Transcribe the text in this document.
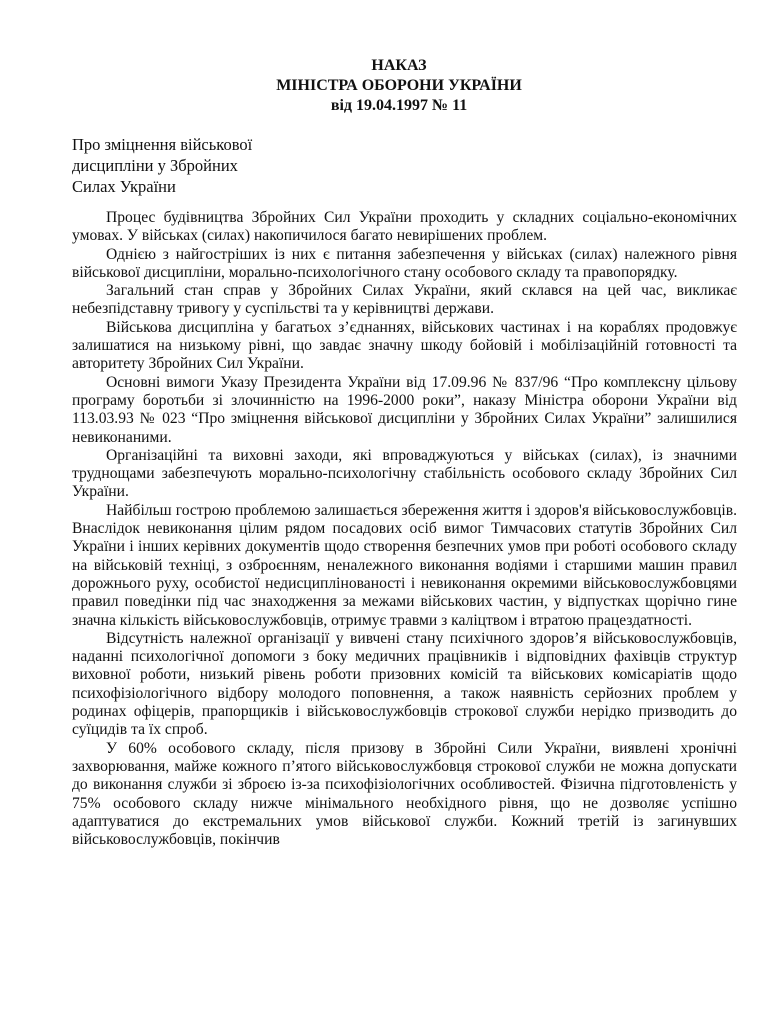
НАКАЗ
МІНІСТРА ОБОРОНИ УКРАЇНИ
від 19.04.1997 № 11
Про зміцнення військової
дисципліни у Збройних
Силах України

Процес будівництва Збройних Сил України проходить у складних соціально-економічних умовах. У військах (силах) накопичилося багато невирішених проблем.

Однією з найгостріших із них є питання забезпечення у військах (силах) належного рівня військової дисципліни, морально-психологічного стану особового складу та правопорядку.

Загальний стан справ у Збройних Силах України, який склався на цей час, викликає небезпідставну тривогу у суспільстві та у керівництві держави.

Військова дисципліна у багатьох з’єднаннях, військових частинах і на кораблях продовжує залишатися на низькому рівні, що завдає значну шкоду бойовій і мобілізаційній готовності та авторитету Збройних Сил України.

Основні вимоги Указу Президента України від 17.09.96 № 837/96 “Про комплексну цільову програму боротьби зі злочинністю на 1996-2000 роки”, наказу Міністра оборони України від 113.03.93 № 023 “Про зміцнення військової дисципліни у Збройних Силах України” залишилися невиконаними.

Організаційні та виховні заходи, які впроваджуються у військах (силах), із значними труднощами забезпечують морально-психологічну стабільність особового складу Збройних Сил України.

Найбільш гострою проблемою залишається збереження життя і здоров'я військовослужбовців. Внаслідок невиконання цілим рядом посадових осіб вимог Тимчасових статутів Збройних Сил України і інших керівних документів щодо створення безпечних умов при роботі особового складу на військовій техніці, з озброєнням, неналежного виконання водіями і старшими машин правил дорожнього руху, особистої недисциплінованості і невиконання окремими військовослужбовцями правил поведінки під час знаходження за межами військових частин, у відпустках щорічно гине значна кількість військовослужбовців, отримує травми з каліцтвом і втратою працездатності.

Відсутність належної організації у вивчені стану психічного здоров’я військовослужбовців, наданні психологічної допомоги з боку медичних працівників і відповідних фахівців структур виховної роботи, низький рівень роботи призовних комісій та військових комісаріатів щодо психофізіологічного відбору молодого поповнення, а також наявність серйозних проблем у родинах офіцерів, прапорщиків і військовослужбовців строкової служби нерідко призводить до суїцидів та їх спроб.

У 60% особового складу, після призову в Збройні Сили України, виявлені хронічні захворювання, майже кожного п’ятого військовослужбовця строкової служби не можна допускати до виконання служби зі зброєю із-за психофізіологічних особливостей. Фізична підготовленість у 75% особового складу нижче мінімального необхідного рівня, що не дозволяє успішно адаптуватися до екстремальних умов військової служби. Кожний третій із загинувших військовослужбовців, покінчив
